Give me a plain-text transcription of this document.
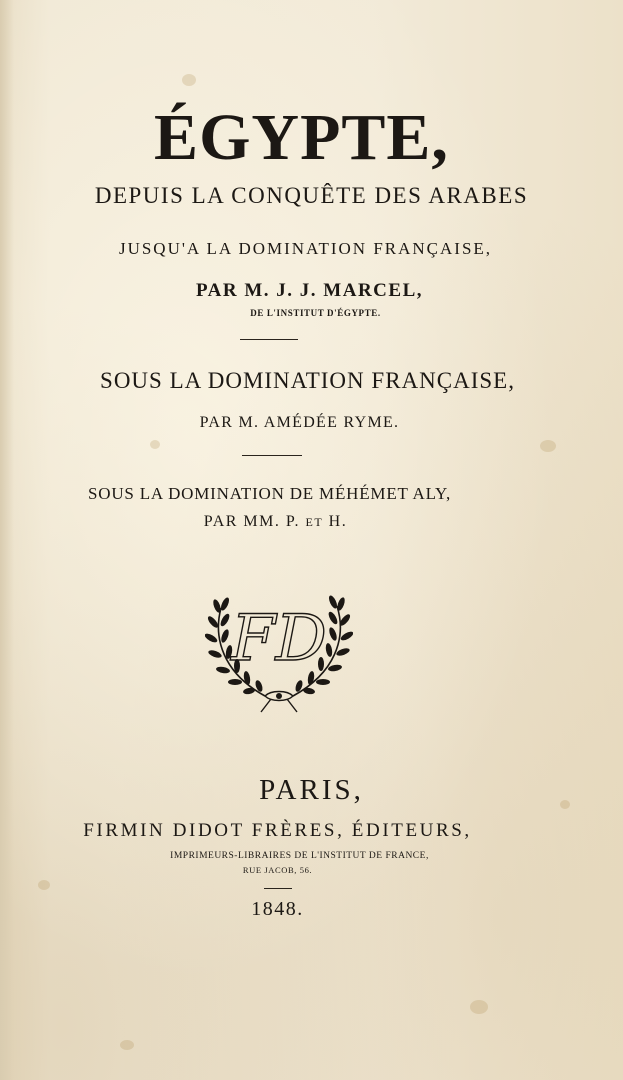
ÉGYPTE,
DEPUIS LA CONQUÊTE DES ARABES
JUSQU'A LA DOMINATION FRANÇAISE,
PAR M. J. J. MARCEL,
DE L'INSTITUT D'ÉGYPTE.
SOUS LA DOMINATION FRANÇAISE,
PAR M. AMÉDÉE RYME.
SOUS LA DOMINATION DE MÉHÉMET ALY,
PAR MM. P. ET H.
FD
PARIS,
FIRMIN DIDOT FRÈRES, ÉDITEURS,
IMPRIMEURS-LIBRAIRES DE L'INSTITUT DE FRANCE,
RUE JACOB, 56.
1848.
